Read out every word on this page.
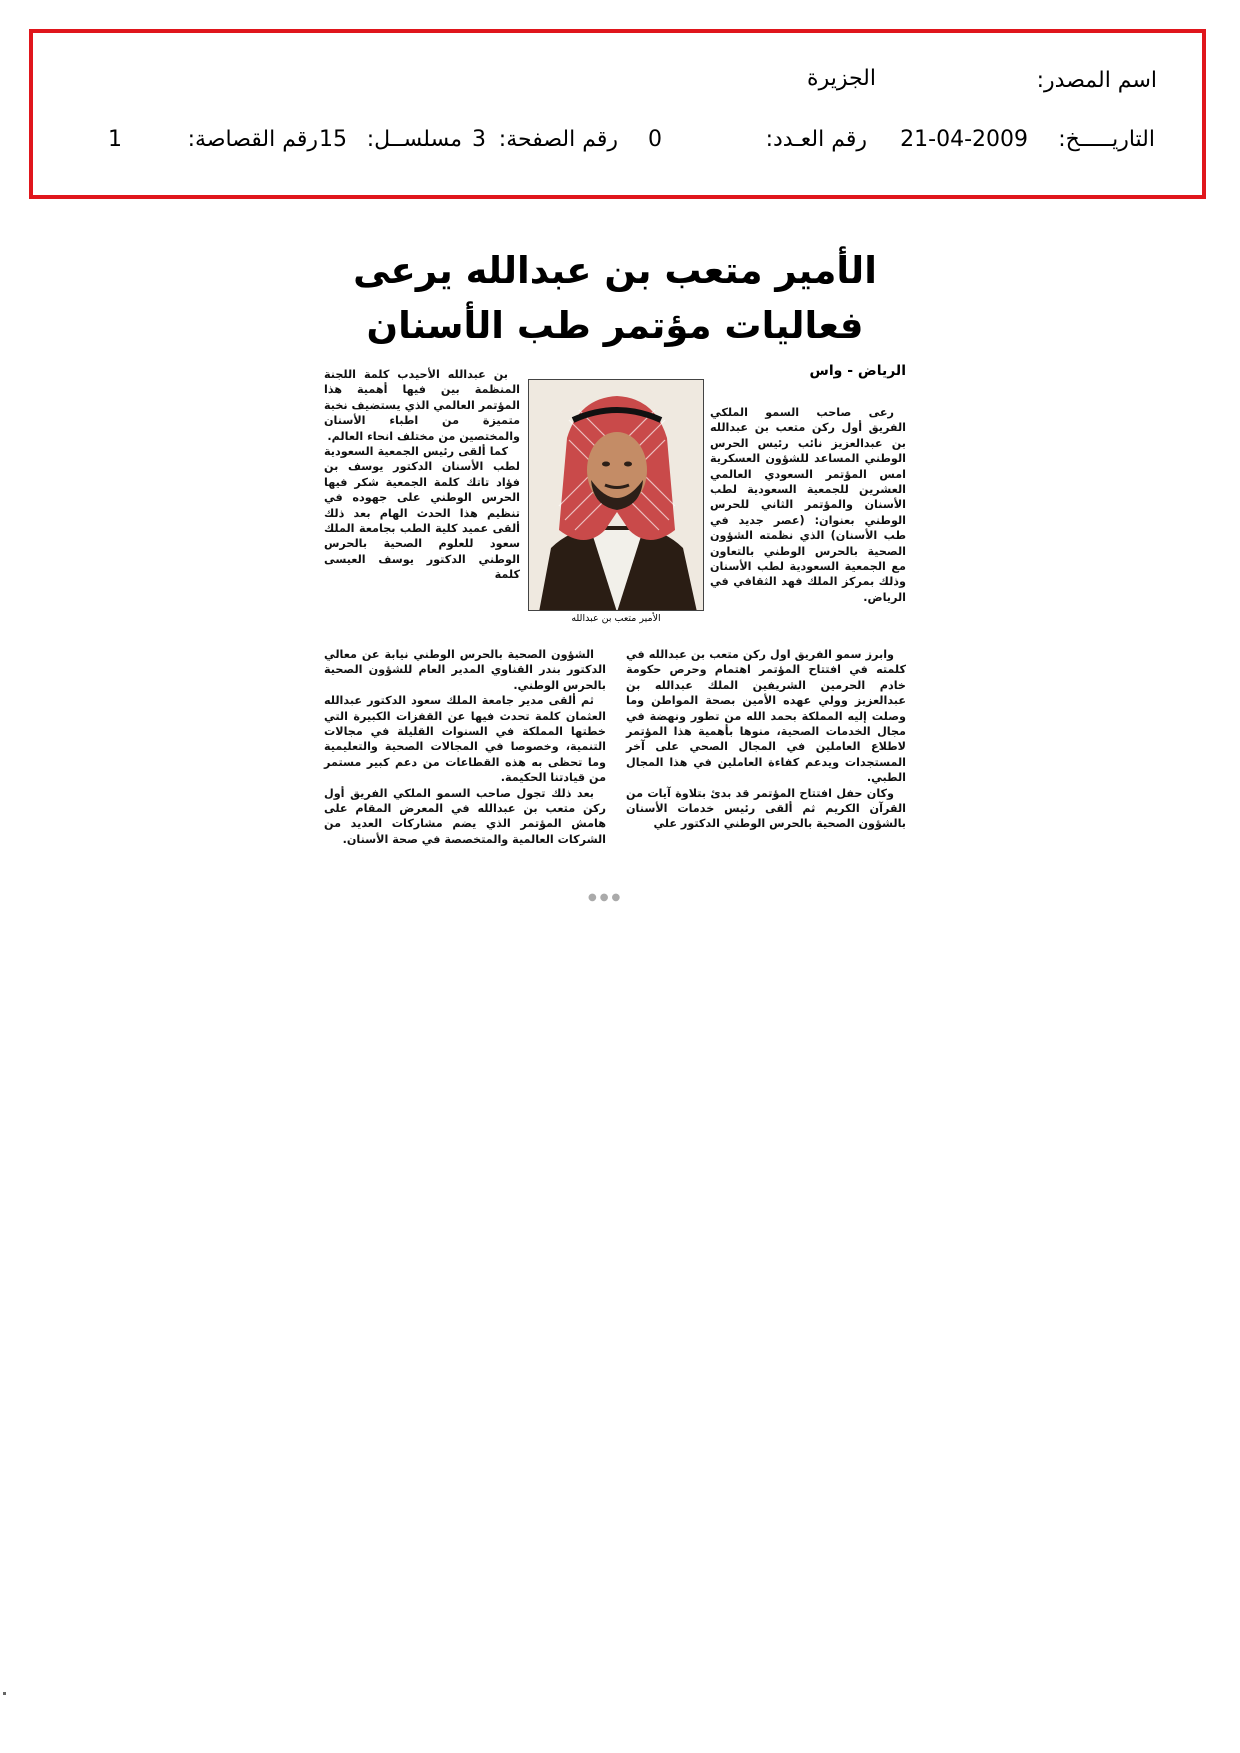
اسم المصدر:
الجزيرة
التاريـــــخ:
21-04-2009
رقم العـدد:
0
رقم الصفحة:
3
مسلســل:
15
رقم القصاصة:
1
الأمير متعب بن عبدالله يرعى
فعاليات مؤتمر طب الأسنان
الرياض - واس

رعى صاحب السمو الملكي الفريق أول ركن متعب بن عبدالله بن عبدالعزيز نائب رئيس الحرس الوطني المساعد للشؤون العسكرية امس المؤتمر السعودي العالمي العشرين للجمعية السعودية لطب الأسنان والمؤتمر الثاني للحرس الوطني بعنوان: (عصر جديد في طب الأسنان) الذي نظمته الشؤون الصحية بالحرس الوطني بالتعاون مع الجمعية السعودية لطب الأسنان وذلك بمركز الملك فهد الثقافي في الرياض.

وابرز سمو الفريق اول ركن متعب بن عبدالله في كلمته في افتتاح المؤتمر اهتمام وحرص حكومة خادم الحرمين الشريفين الملك عبدالله بن عبدالعزيز وولي عهده الأمين بصحة المواطن وما وصلت إليه المملكة بحمد الله من تطور ونهضة في مجال الخدمات الصحية، منوها بأهمية هذا المؤتمر لاطلاع العاملين في المجال الصحي على آخر المستجدات ويدعم كفاءة العاملين في هذا المجال الطبي.

وكان حفل افتتاح المؤتمر قد بدئ بتلاوة آيات من القرآن الكريم ثم ألقى رئيس خدمات الأسنان بالشؤون الصحية بالحرس الوطني الدكتور علي

الأمير متعب بن عبدالله

بن عبدالله الأحيدب كلمة اللجنة المنظمة بين فيها أهمية هذا المؤتمر العالمي الذي يستضيف نخبة متميزة من اطباء الأسنان والمختصين من مختلف انحاء العالم.

كما ألقى رئيس الجمعية السعودية لطب الأسنان الدكتور يوسف بن فؤاد تاتك كلمة الجمعية شكر فيها الحرس الوطني على جهوده في تنظيم هذا الحدث الهام بعد ذلك ألقى عميد كلية الطب بجامعة الملك سعود للعلوم الصحية بالحرس الوطني الدكتور يوسف العيسى كلمة

الشؤون الصحية بالحرس الوطني نيابة عن معالي الدكتور بندر القناوي المدير العام للشؤون الصحية بالحرس الوطني.

ثم ألقى مدير جامعة الملك سعود الدكتور عبدالله العثمان كلمة تحدث فيها عن القفزات الكبيرة التي خطتها المملكة في السنوات القليلة في مجالات التنمية، وخصوصا في المجالات الصحية والتعليمية وما تحظى به هذه القطاعات من دعم كبير مستمر من قيادتنا الحكيمة.

بعد ذلك تجول صاحب السمو الملكي الفريق أول ركن متعب بن عبدالله في المعرض المقام على هامش المؤتمر الذي يضم مشاركات العديد من الشركات العالمية والمتخصصة في صحة الأسنان.

●●●
